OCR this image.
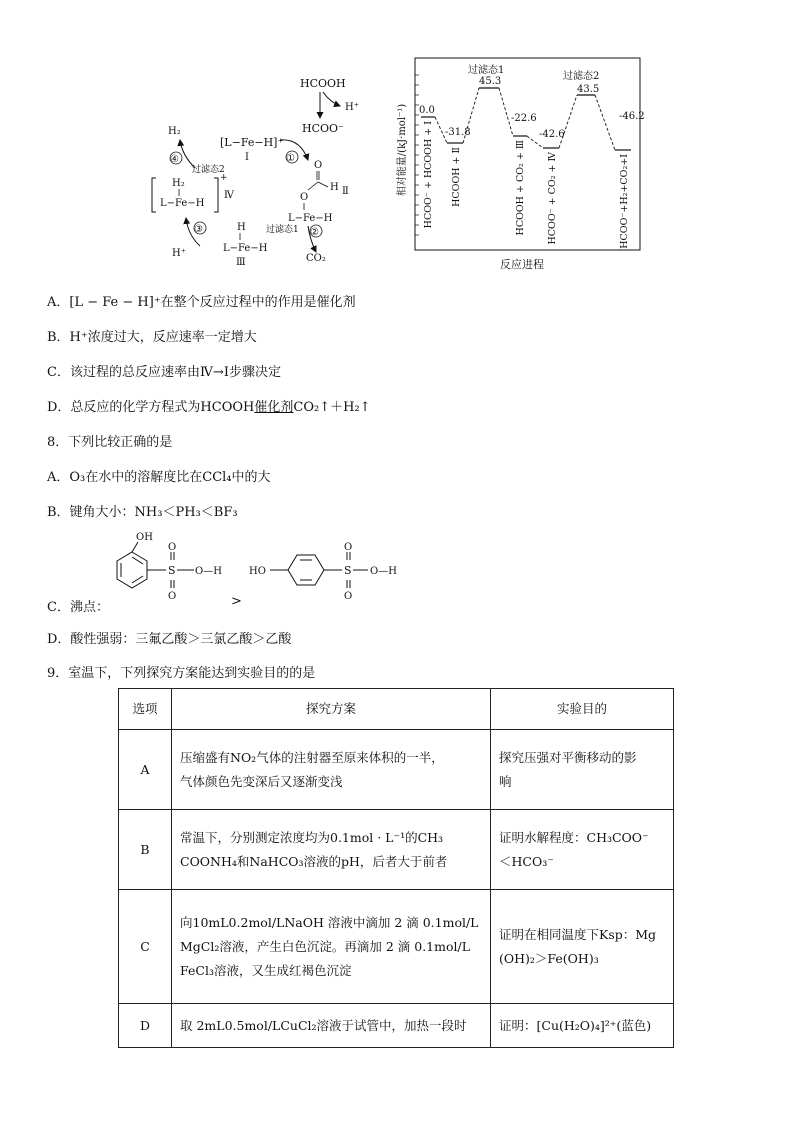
HCOOH
H⁺
HCOO⁻
H₂
[L−Fe−H]⁺
Ⅰ	①
④
过滤态2
+
H₂
L−Fe−H
Ⅳ
O
H
O
L−Fe−H
Ⅱ
②
过滤态1
CO₂
H
L−Fe−H
Ⅲ
③
H⁺
相对能量/(kJ·mol⁻¹)
反应进程
0.0
-31.8
45.3
-22.6
-42.6
43.5
-46.2
过滤态1
过滤态2
HCOO⁻ + HCOOH + Ⅰ HCOOH + Ⅱ	HCOOH + CO₂ + Ⅲ HCOO⁻ + CO₂ + Ⅳ	HCOO⁻+H₂+CO₂+Ⅰ
A．[L − Fe − H]⁺在整个反应过程中的作用是催化剂
B．H⁺浓度过大，反应速率一定增大
C．该过程的总反应速率由Ⅳ→Ⅰ步骤决定
D．总反应的化学方程式为HCOOH催化剂CO₂↑＋H₂↑
8．下列比较正确的是
A．O₃在水中的溶解度比在CCl₄中的大
B．键角大小：NH₃＜PH₃＜BF₃
OH
S
O
O
O—H	HO	S
O
O
O—H
C．沸点：	>
D．酸性强弱：三氟乙酸＞三氯乙酸＞乙酸
9．室温下，下列探究方案能达到实验目的的是
选项	探究方案	实验目的
A	压缩盛有NO₂气体的注射器至原来体积的一半，
气体颜色先变深后又逐渐变浅	探究压强对平衡移动的影
响

B	常温下，分别测定浓度均为0.1mol · L⁻¹的CH₃
COONH₄和NaHCO₃溶液的pH，后者大于前者	证明水解程度：CH₃COO⁻
＜HCO₃⁻

C	向10mL0.2mol/LNaOH 溶液中滴加 2 滴 0.1mol/L
MgCl₂溶液，产生白色沉淀。再滴加 2 滴 0.1mol/L
FeCl₃溶液，又生成红褐色沉淀	证明在相同温度下Ksp：Mg
(OH)₂＞Fe(OH)₃

D	取 2mL0.5mol/LCuCl₂溶液于试管中，加热一段时	证明：[Cu(H₂O)₄]²⁺(蓝色)
